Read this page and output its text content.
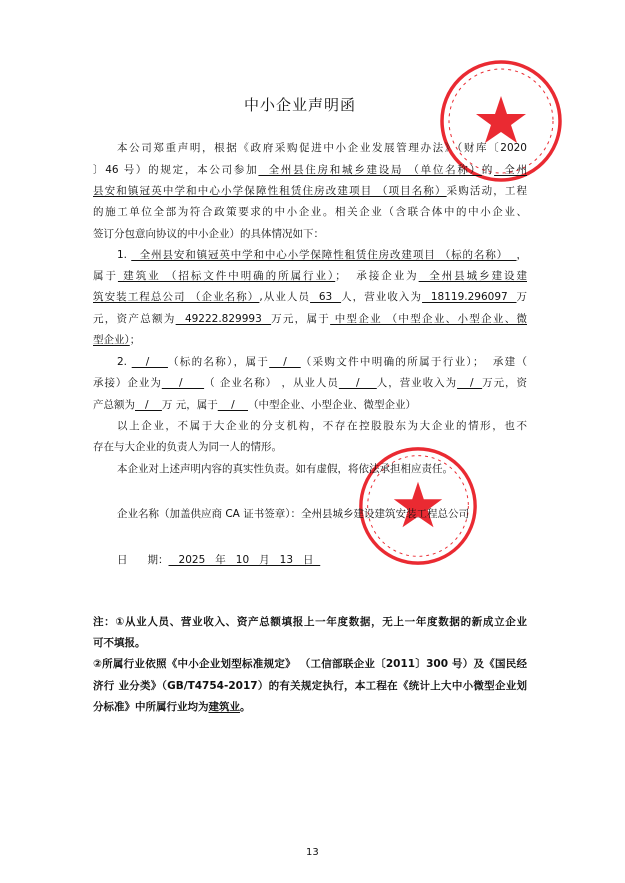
中小企业声明函
本公司郑重声明，根据《政府采购促进中小企业发展管理办法》（财库〔2020
〕46 号）的规定，本公司参加  全州县住房和城乡建设局 （单位名称）的  全州
县安和镇冠英中学和中心小学保障性租赁住房改建项目 （项目名称）采购活动，工程
的施工单位全部为符合政策要求的中小企业。相关企业（含联合体中的中小企业、
签订分包意向协议的中小企业）的具体情况如下：
1.   全州县安和镇冠英中学和中心小学保障性租赁住房改建项目 （标的名称）  ，
属于 建筑业 （招标文件中明确的所属行业）；  承接企业为  全州县城乡建设建
筑安装工程总公司 （企业名称）,从业人员  63  人，营业收入为  18119.296097  万
元，资产总额为  49222.829993  万元，属于 中型企业 （中型企业、小型企业、微
型企业）；
2.    /    （标的名称），属于   /   （采购文件中明确的所属于行业）；  承建（
承接）企业为    /     （ 企业名称） ，从业人员    /    人，营业收入为   /  万元，资
产总额为   /    万 元，属于    /    （中型企业、小型企业、微型企业）
以上企业，不属于大企业的分支机构，不存在控股股东为大企业的情形，也不
存在与大企业的负责人为同一人的情形。
本企业对上述声明内容的真实性负责。如有虚假，将依法承担相应责任。
企业名称（加盖供应商 CA 证书签章）：全州县城乡建设建筑安装工程总公司
日      期：   2025   年   10   月   13   日
注：①从业人员、营业收入、资产总额填报上一年度数据，无上一年度数据的新成立企业
可不填报。
②所属行业依照《中小企业划型标准规定》 （工信部联企业〔2011〕300 号）及《国民经
济行 业分类》（GB/T4754-2017）的有关规定执行，本工程在《统计上大中小微型企业划
分标准》中所属行业均为建筑业。
13
